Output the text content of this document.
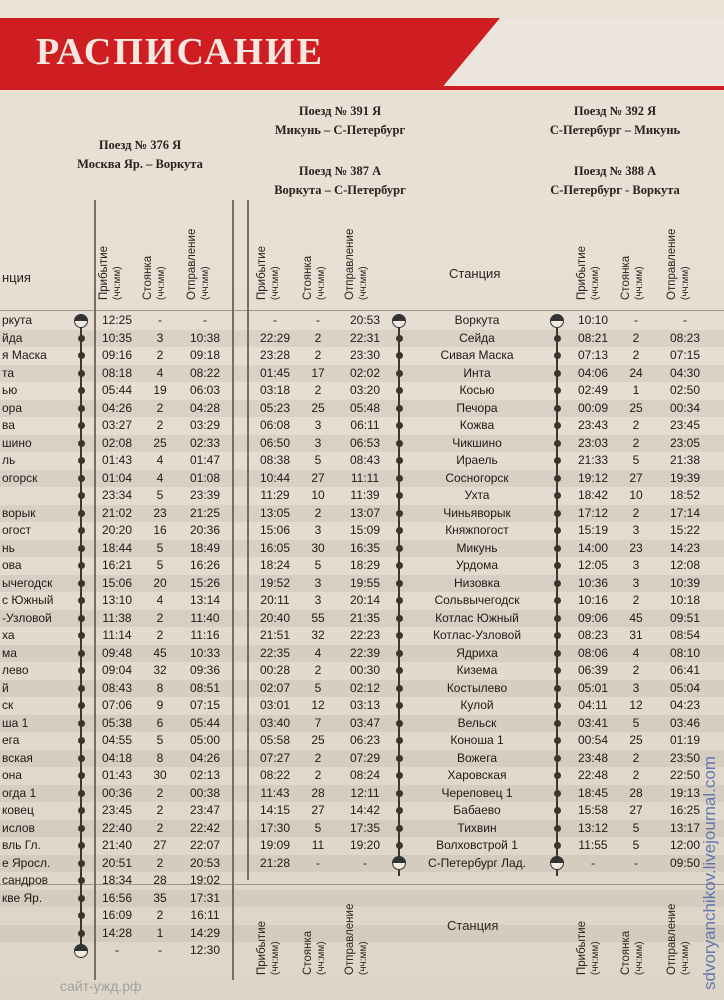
РАСПИСАНИЕ
Поезд № 376 Я
Москва Яр. – Воркута
Поезд № 391 Я
Микунь – С-Петербург
Поезд № 387 А
Воркута – С-Петербург
Поезд № 392 Я
С-Петербург – Микунь
Поезд № 388 А
С-Петербург - Воркута
Прибытие (чч:мм) Стоянка (чч:мм) Отправление (чч:мм)	Прибытие (чч:мм) Стоянка (чч:мм) Отправление (чч:мм)	Прибытие (чч:мм) Стоянка (чч:мм) Отправление (чч:мм)
нция	Станция
Прибытие (чч:мм) Стоянка (чч:мм) Отправление (чч:мм)	Прибытие (чч:мм) Стоянка (чч:мм) Отправление (чч:мм)
Станция
ркута	12:25	-	-	-	-	20:53	Воркута	10:10	-	-
йда	10:35	3	10:38	22:29	2	22:31	Сейда	08:21	2	08:23
я Маска	09:16	2	09:18	23:28	2	23:30	Сивая Маска	07:13	2	07:15
та	08:18	4	08:22	01:45	17	02:02	Инта	04:06	24	04:30
ью	05:44	19	06:03	03:18	2	03:20	Косью	02:49	1	02:50
ора	04:26	2	04:28	05:23	25	05:48	Печора	00:09	25	00:34
ва	03:27	2	03:29	06:08	3	06:11	Кожва	23:43	2	23:45
шино	02:08	25	02:33	06:50	3	06:53	Чикшино	23:03	2	23:05
ль	01:43	4	01:47	08:38	5	08:43	Ираель	21:33	5	21:38
огорск	01:04	4	01:08	10:44	27	11:11	Сосногорск	19:12	27	19:39
23:34	5	23:39	11:29	10	11:39	Ухта	18:42	10	18:52
ворык	21:02	23	21:25	13:05	2	13:07	Чиньяворык	17:12	2	17:14
огост	20:20	16	20:36	15:06	3	15:09	Княжпогост	15:19	3	15:22
нь	18:44	5	18:49	16:05	30	16:35	Микунь	14:00	23	14:23
ова	16:21	5	16:26	18:24	5	18:29	Урдома	12:05	3	12:08
ычегодск	15:06	20	15:26	19:52	3	19:55	Низовка	10:36	3	10:39
с Южный	13:10	4	13:14	20:11	3	20:14	Сольвычегодск	10:16	2	10:18
-Узловой	11:38	2	11:40	20:40	55	21:35	Котлас Южный	09:06	45	09:51
ха	11:14	2	11:16	21:51	32	22:23	Котлас-Узловой	08:23	31	08:54
ма	09:48	45	10:33	22:35	4	22:39	Ядриха	08:06	4	08:10
лево	09:04	32	09:36	00:28	2	00:30	Кизема	06:39	2	06:41
й	08:43	8	08:51	02:07	5	02:12	Костылево	05:01	3	05:04
ск	07:06	9	07:15	03:01	12	03:13	Кулой	04:11	12	04:23
ша 1	05:38	6	05:44	03:40	7	03:47	Вельск	03:41	5	03:46
ега	04:55	5	05:00	05:58	25	06:23	Коноша 1	00:54	25	01:19
вская	04:18	8	04:26	07:27	2	07:29	Вожега	23:48	2	23:50
она	01:43	30	02:13	08:22	2	08:24	Харовская	22:48	2	22:50
огда 1	00:36	2	00:38	11:43	28	12:11	Череповец 1	18:45	28	19:13
ковец	23:45	2	23:47	14:15	27	14:42	Бабаево	15:58	27	16:25
ислов	22:40	2	22:42	17:30	5	17:35	Тихвин	13:12	5	13:17
вль Гл.	21:40	27	22:07	19:09	11	19:20	Волховстрой 1	11:55	5	12:00
е Яросл.	20:51	2	20:53	21:28	-	-	С-Петербург Лад.	-	-	09:50
сандров	18:34	28	19:02
кве Яр.	16:56	35	17:31
16:09	2	16:11
14:28	1	14:29
-	-	12:30	sdvoryanchikov.livejournal.com
сайт-ужд.рф
